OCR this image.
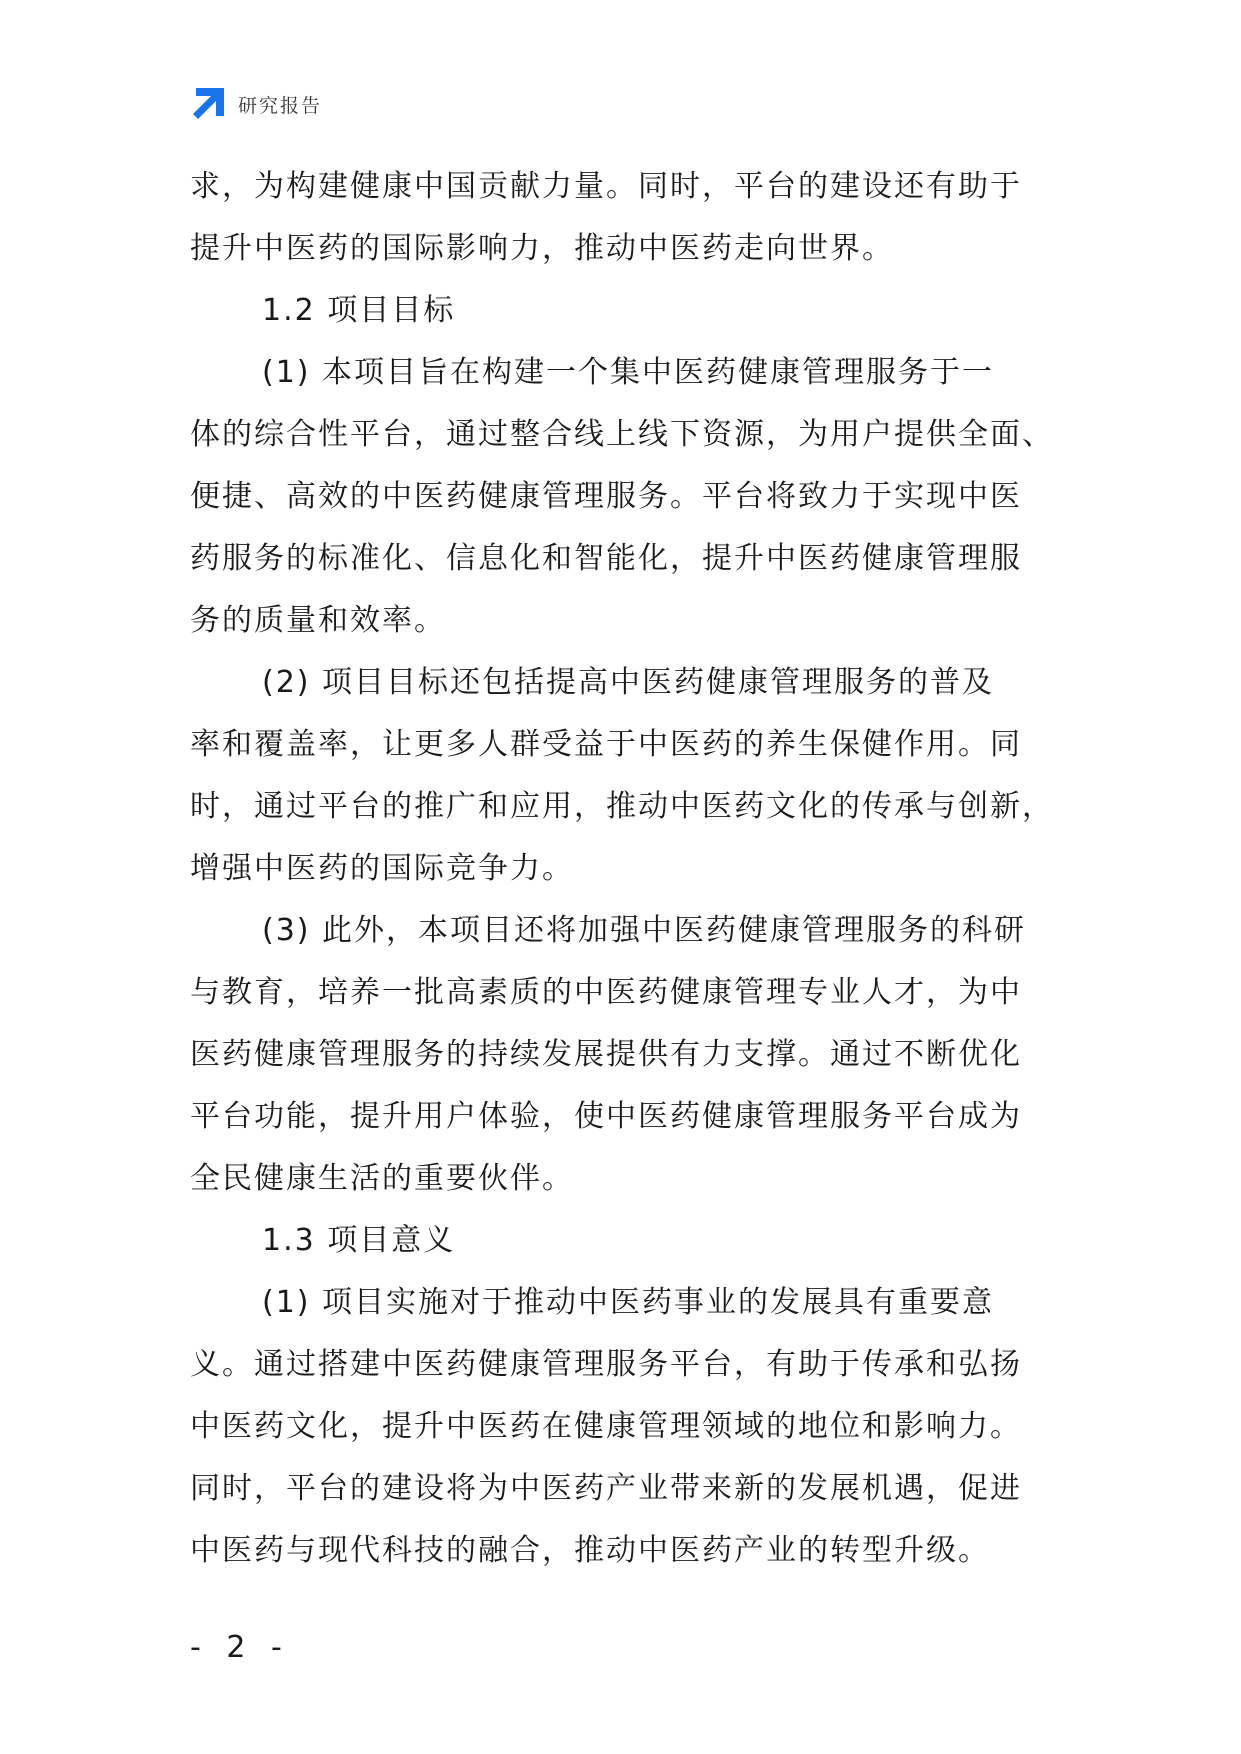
研究报告
求，为构建健康中国贡献力量。同时，平台的建设还有助于
提升中医药的国际影响力，推动中医药走向世界。
1.2 项目目标
(1) 本项目旨在构建一个集中医药健康管理服务于一
体的综合性平台，通过整合线上线下资源，为用户提供全面、
便捷、高效的中医药健康管理服务。平台将致力于实现中医
药服务的标准化、信息化和智能化，提升中医药健康管理服
务的质量和效率。
(2) 项目目标还包括提高中医药健康管理服务的普及
率和覆盖率，让更多人群受益于中医药的养生保健作用。同
时，通过平台的推广和应用，推动中医药文化的传承与创新，
增强中医药的国际竞争力。
(3) 此外，本项目还将加强中医药健康管理服务的科研
与教育，培养一批高素质的中医药健康管理专业人才，为中
医药健康管理服务的持续发展提供有力支撑。通过不断优化
平台功能，提升用户体验，使中医药健康管理服务平台成为
全民健康生活的重要伙伴。
1.3 项目意义
(1) 项目实施对于推动中医药事业的发展具有重要意
义。通过搭建中医药健康管理服务平台，有助于传承和弘扬
中医药文化，提升中医药在健康管理领域的地位和影响力。
同时，平台的建设将为中医药产业带来新的发展机遇，促进
中医药与现代科技的融合，推动中医药产业的转型升级。
- 2 -
